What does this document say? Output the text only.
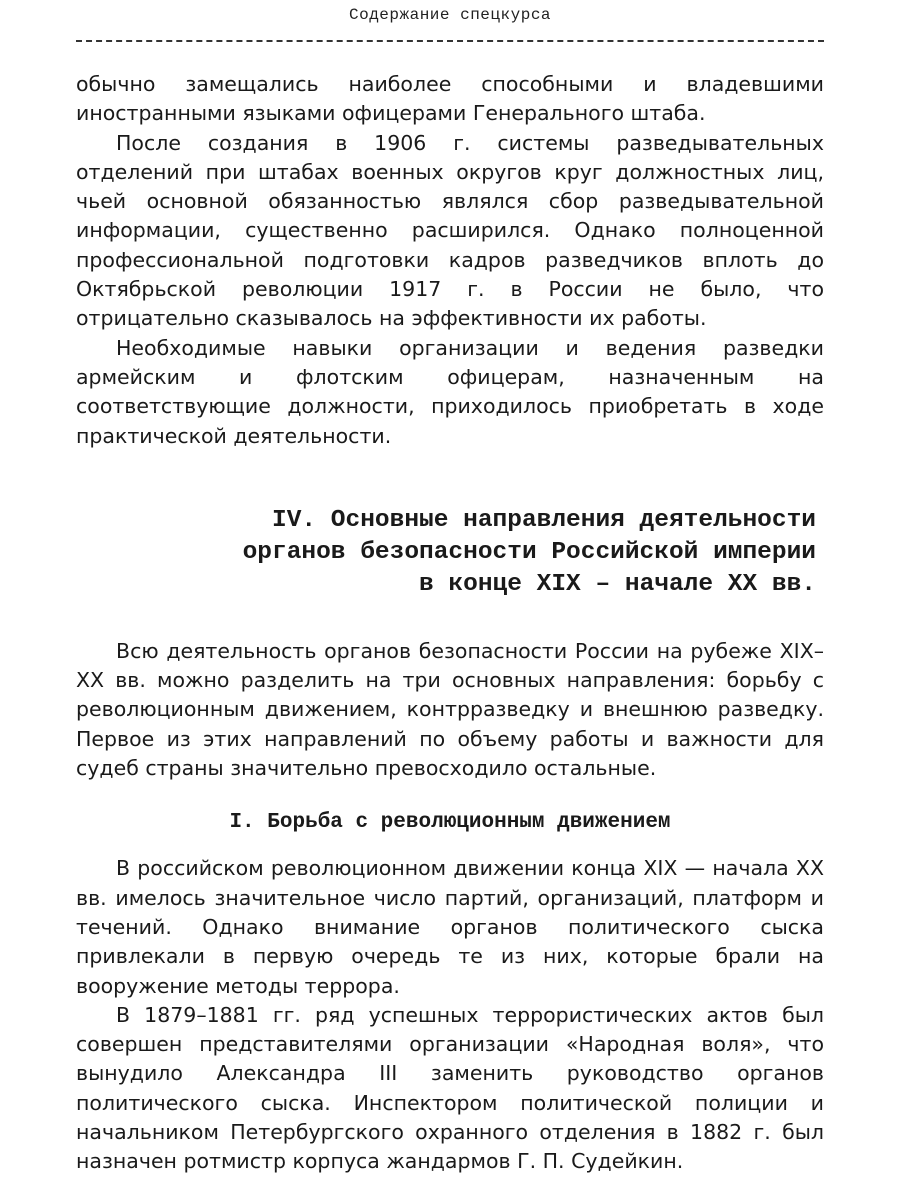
Содержание спецкурса

обычно замещались наиболее способными и владевшими иностранными языками офицерами Генерального штаба.

После создания в 1906 г. системы разведывательных отделений при штабах военных округов круг должностных лиц, чьей основной обязанностью являлся сбор разведывательной информации, существенно расширился. Однако полноценной профессиональной подготовки кадров разведчиков вплоть до Октябрьской революции 1917 г. в России не было, что отрицательно сказывалось на эффективности их работы.

Необходимые навыки организации и ведения разведки армейским и флотским офицерам, назначенным на соответствующие должности, приходилось приобретать в ходе практической деятельности.

IV. Основные направления деятельности
органов безопасности Российской империи
в конце XIX – начале XX вв.

Всю деятельность органов безопасности России на рубеже XIX–XX вв. можно разделить на три основных направления: борьбу с революционным движением, контрразведку и внешнюю разведку. Первое из этих направлений по объему работы и важности для судеб страны значительно превосходило остальные.

I. Борьба с революционным движением

В российском революционном движении конца XIX — начала XX вв. имелось значительное число партий, организаций, платформ и течений. Однако внимание органов политического сыска привлекали в первую очередь те из них, которые брали на вооружение методы террора.

В 1879–1881 гг. ряд успешных террористических актов был совершен представителями организации «Народная воля», что вынудило Александра III заменить руководство органов политического сыска. Инспектором политической полиции и начальником Петербургского охранного отделения в 1882 г. был назначен ротмистр корпуса жандармов Г. П. Судейкин.
